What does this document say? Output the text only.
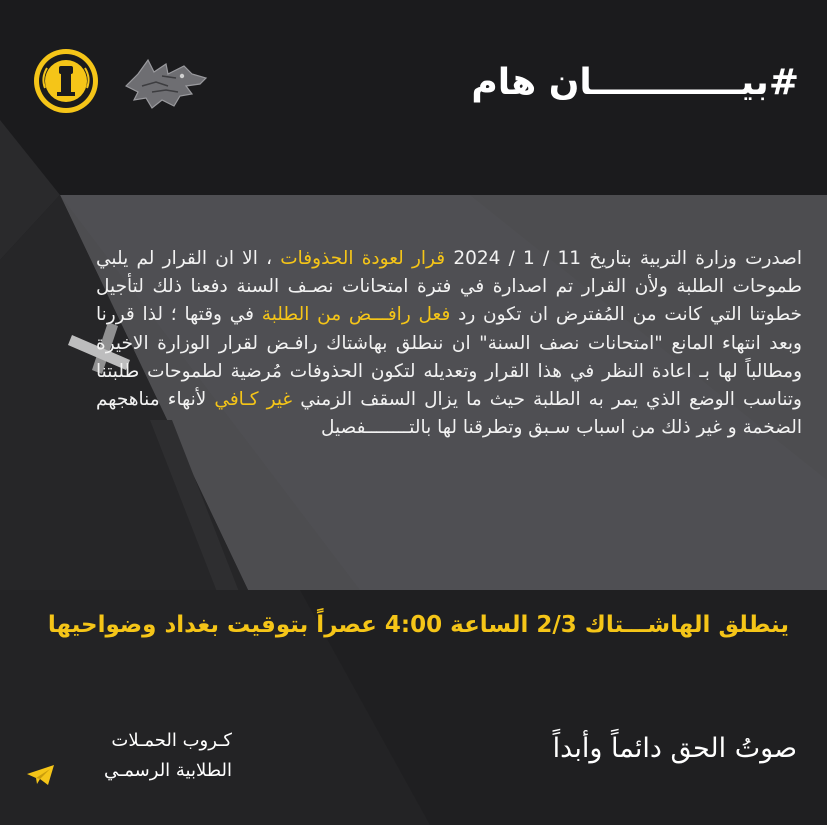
#بيــــــــــــان هام

اصدرت وزارة التربية بتاريخ 11 / 1 / 2024 قرار لعودة الحذوفات ، الا ان القرار لم يلبي طموحات الطلبة ولأن القرار تم اصدارة في فترة امتحانات نصـف السنة دفعنا ذلك لتأجيل خطوتنا التي كانت من المُفترض ان تكون رد فعل رافـــض من الطلبة في وقتها ؛ لذا قررنا وبعد انتهاء المانع "امتحانات نصف السنة" ان ننطلق بهاشتاك رافـض لقرار الوزارة الاخيرة ومطالباً لها بـ اعادة النظر في هذا القرار وتعديله لتكون الحذوفات مُرضية لطموحات طلبتنا وتناسب الوضع الذي يمر به الطلبة حيث ما يزال السقف الزمني غير كـافي لأنهاء مناهجهم الضخمة و غير ذلك من اسباب سـبق وتطرقنا لها بالتــــــــفصيل

ينطلق الهاشـــتاك 2/3 الساعة 4:00 عصراً بتوقيت بغداد وضواحيها
صوتُ الحق دائماً وأبداً
كـروب الحمـلات
الطلابية الرسمـي
